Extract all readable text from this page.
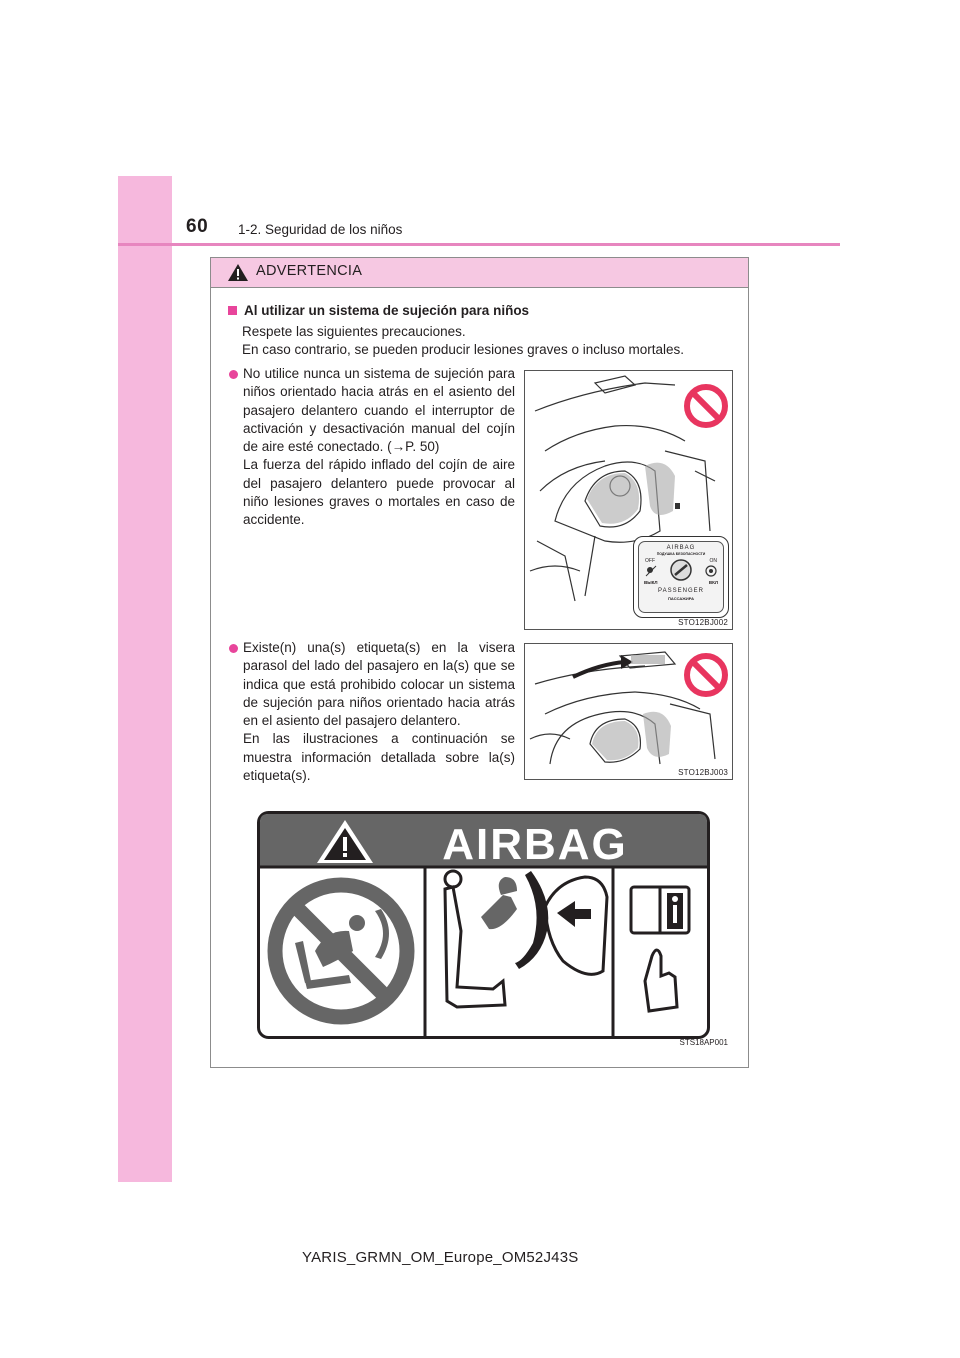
60 1-2. Seguridad de los niños
ADVERTENCIA
Al utilizar un sistema de sujeción para niños
Respete las siguientes precauciones.
En caso contrario, se pueden producir lesiones graves o incluso mortales.
No utilice nunca un sistema de sujeción para niños orientado hacia atrás en el asiento del pasajero delantero cuando el interruptor de activación y desactivación manual del cojín de aire esté conectado. (→P. 50)
La fuerza del rápido inflado del cojín de aire del pasajero delantero puede provocar al niño lesiones graves o mortales en caso de accidente.
Existe(n) una(s) etiqueta(s) en la visera parasol del lado del pasajero en la(s) que se indica que está prohibido colocar un sistema de sujeción para niños orientado hacia atrás en el asiento del pasajero delantero.
En las ilustraciones a continuación se muestra información detallada sobre la(s) etiqueta(s).
AIRBAG
ПОДУШКА БЕЗОПАСНОСТИ
OFF	ON
ВЫКЛ	ВКЛ
PASSENGER
ПАССАЖИРА
STO12BJ002
STO12BJ003
AIRBAG
STS18AP001
YARIS_GRMN_OM_Europe_OM52J43S
